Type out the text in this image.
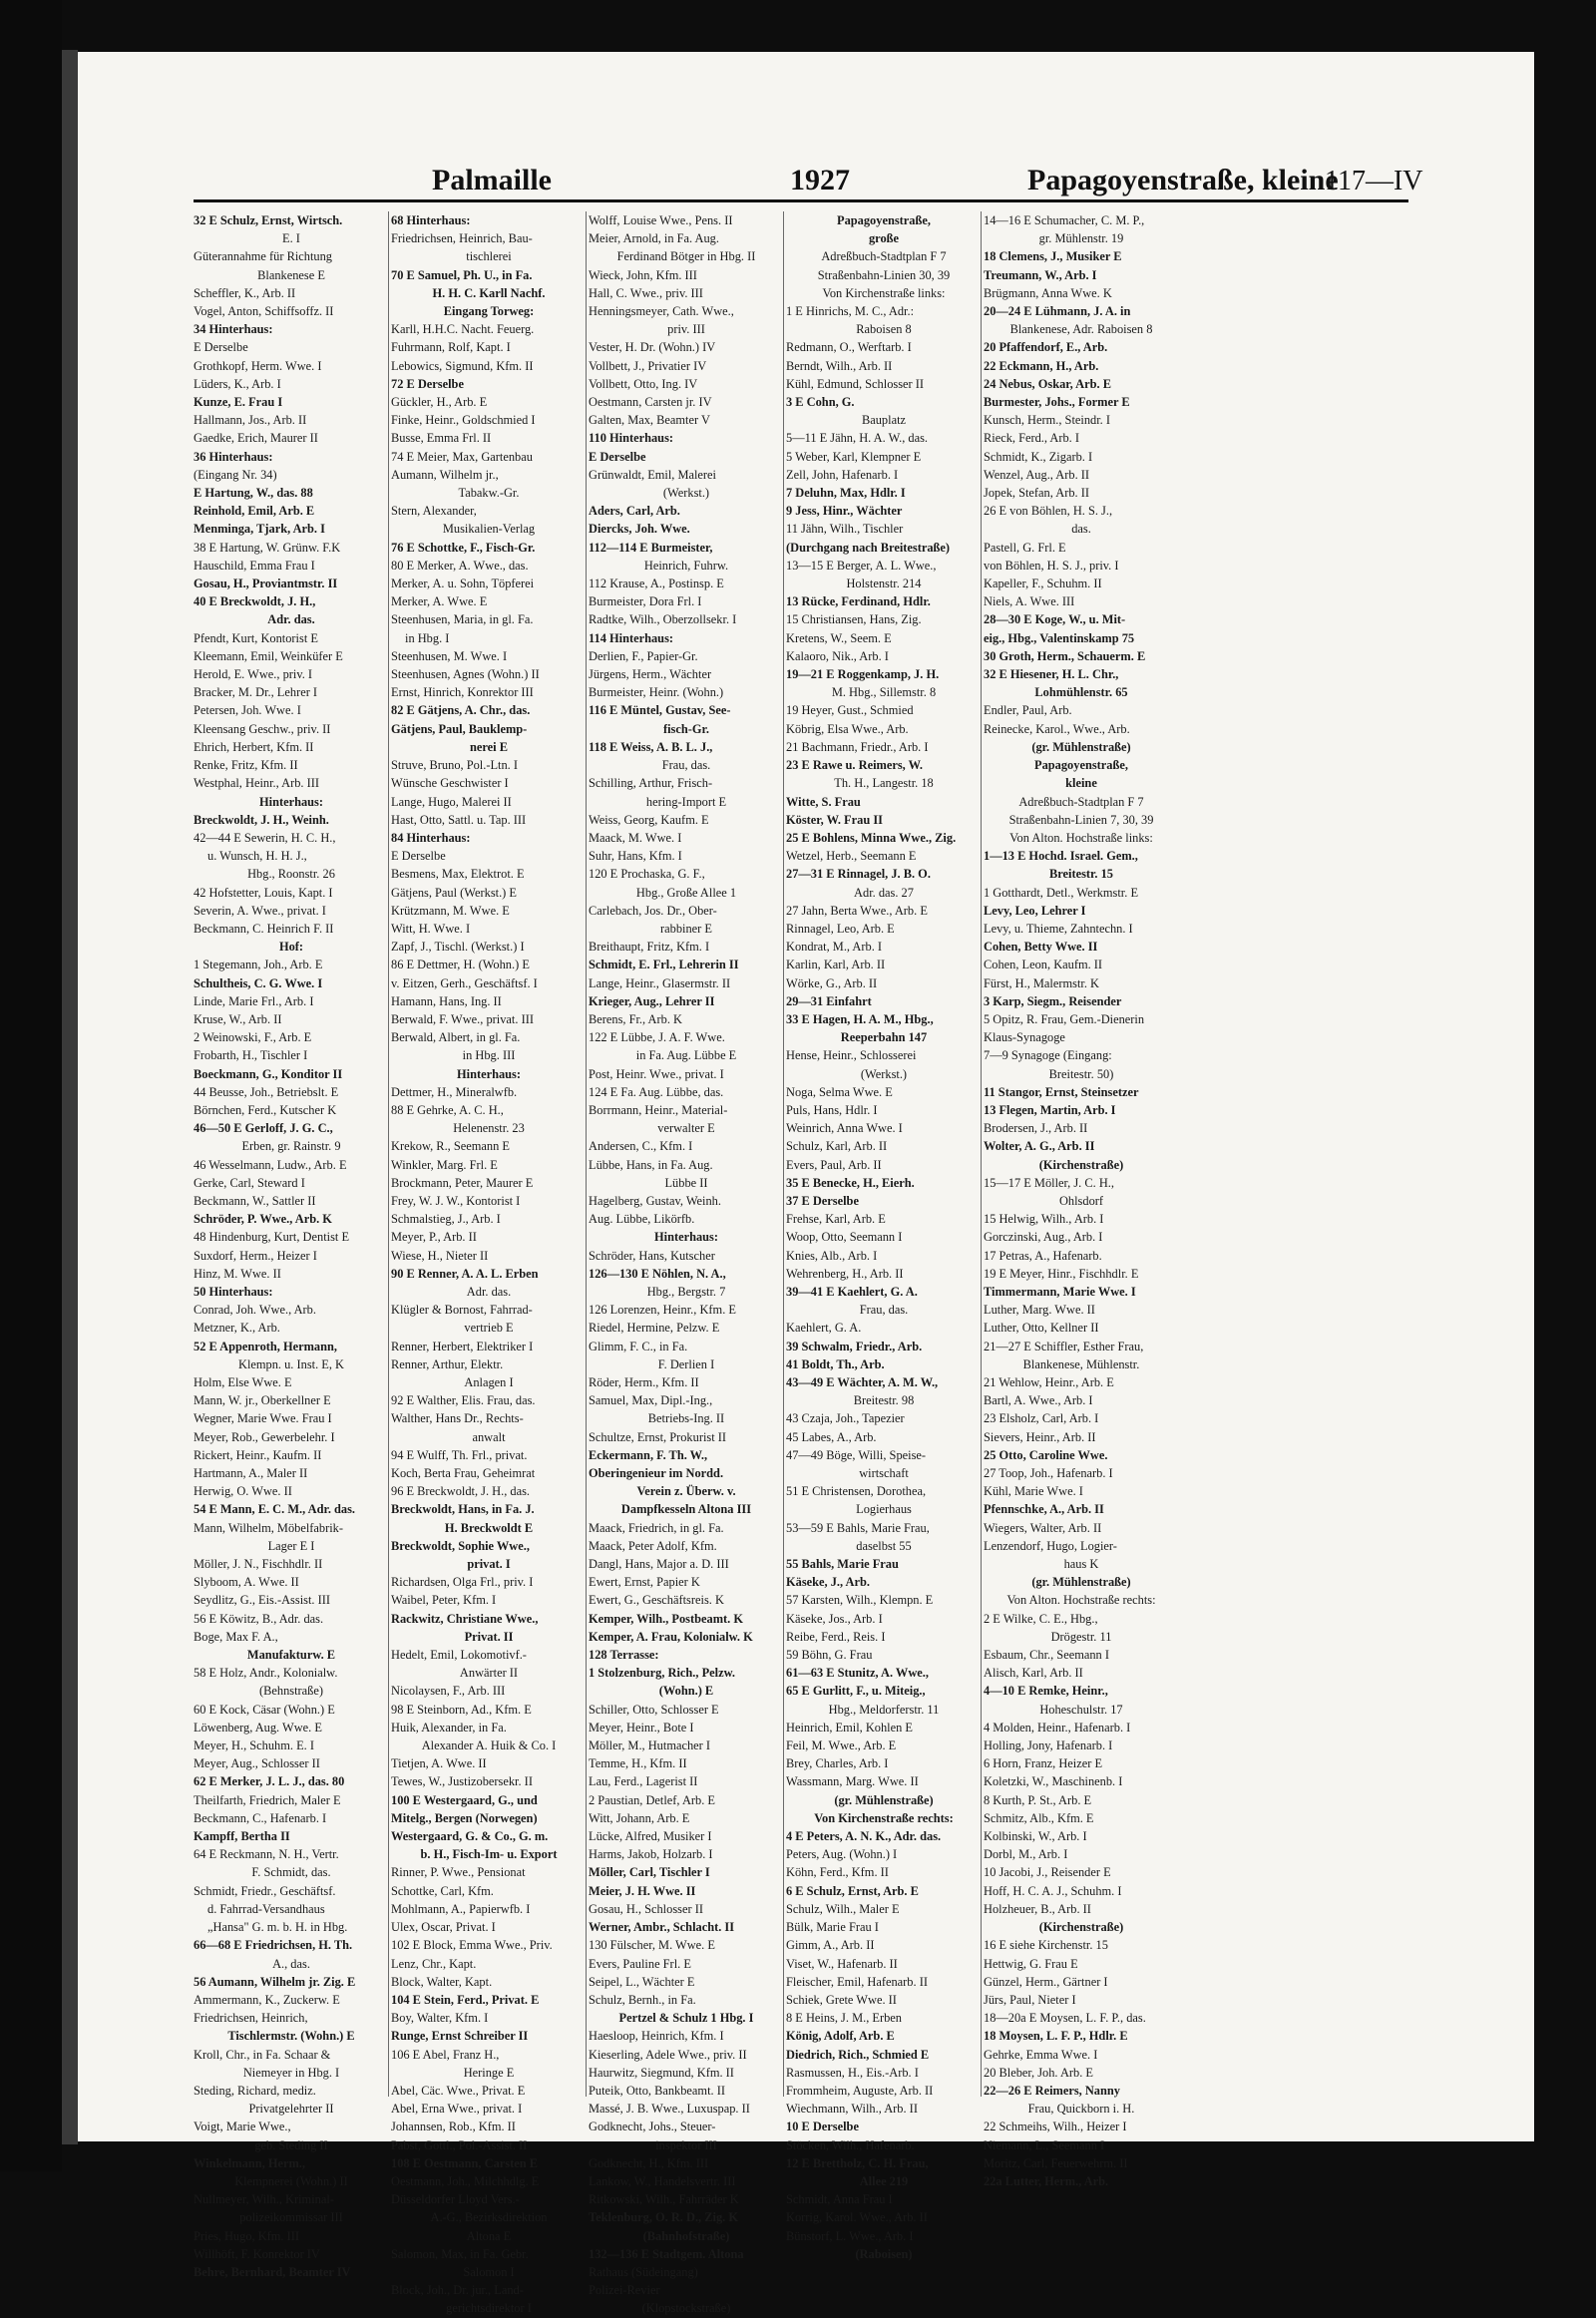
Palmaille	1927	Papagoyenstraße, kleine
117—IV
32 E Schulz, Ernst, Wirtsch.
E. I
Güterannahme für Richtung
Blankenese E
Scheffler, K., Arb. II
Vogel, Anton, Schiffsoffz. II
34 Hinterhaus:
E Derselbe
Grothkopf, Herm. Wwe. I
Lüders, K., Arb. I
Kunze, E. Frau I
Hallmann, Jos., Arb. II
Gaedke, Erich, Maurer II
36 Hinterhaus:
(Eingang Nr. 34)
E Hartung, W., das. 88
Reinhold, Emil, Arb. E
Menminga, Tjark, Arb. I
38 E Hartung, W. Grünw. F.K
Hauschild, Emma Frau I
Gosau, H., Proviantmstr. II
40 E Breckwoldt, J. H.,
Adr. das.
Pfendt, Kurt, Kontorist E
Kleemann, Emil, Weinküfer E
Herold, E. Wwe., priv. I
Bracker, M. Dr., Lehrer I
Petersen, Joh. Wwe. I
Kleensang Geschw., priv. II
Ehrich, Herbert, Kfm. II
Renke, Fritz, Kfm. II
Westphal, Heinr., Arb. III
Hinterhaus:
Breckwoldt, J. H., Weinh.
42—44 E Sewerin, H. C. H.,
u. Wunsch, H. H. J.,
Hbg., Roonstr. 26
42 Hofstetter, Louis, Kapt. I
Severin, A. Wwe., privat. I
Beckmann, C. Heinrich F. II
Hof:
1 Stegemann, Joh., Arb. E
Schultheis, C. G. Wwe. I
Linde, Marie Frl., Arb. I
Kruse, W., Arb. II
2 Weinowski, F., Arb. E
Frobarth, H., Tischler I
Boeckmann, G., Konditor II
44 Beusse, Joh., Betriebslt. E
Börnchen, Ferd., Kutscher K
46—50 E Gerloff, J. G. C.,
Erben, gr. Rainstr. 9
46 Wesselmann, Ludw., Arb. E
Gerke, Carl, Steward I
Beckmann, W., Sattler II
Schröder, P. Wwe., Arb. K
48 Hindenburg, Kurt, Dentist E
Suxdorf, Herm., Heizer I
Hinz, M. Wwe. II
50 Hinterhaus:
Conrad, Joh. Wwe., Arb.
Metzner, K., Arb.
52 E Appenroth, Hermann,
Klempn. u. Inst. E, K
Holm, Else Wwe. E
Mann, W. jr., Oberkellner E
Wegner, Marie Wwe. Frau I
Meyer, Rob., Gewerbelehr. I
Rickert, Heinr., Kaufm. II
Hartmann, A., Maler II
Herwig, O. Wwe. II
54 E Mann, E. C. M., Adr. das.
Mann, Wilhelm, Möbelfabrik-
Lager E I
Möller, J. N., Fischhdlr. II
Slyboom, A. Wwe. II
Seydlitz, G., Eis.-Assist. III
56 E Köwitz, B., Adr. das.
Boge, Max F. A.,
Manufakturw. E
58 E Holz, Andr., Kolonialw.
(Behnstraße)
60 E Kock, Cäsar (Wohn.) E
Löwenberg, Aug. Wwe. E
Meyer, H., Schuhm. E. I
Meyer, Aug., Schlosser II
62 E Merker, J. L. J., das. 80
Theilfarth, Friedrich, Maler E
Beckmann, C., Hafenarb. I
Kampff, Bertha II
64 E Reckmann, N. H., Vertr.
F. Schmidt, das.
Schmidt, Friedr., Geschäftsf.
d. Fahrrad-Versandhaus
„Hansa" G. m. b. H. in Hbg.
66—68 E Friedrichsen, H. Th.
A., das.
56 Aumann, Wilhelm jr. Zig. E
Ammermann, K., Zuckerw. E
Friedrichsen, Heinrich,
Tischlermstr. (Wohn.) E
Kroll, Chr., in Fa. Schaar &
Niemeyer in Hbg. I
Steding, Richard, mediz.
Privatgelehrter II
Voigt, Marie Wwe.,
geb. Steding II
Winkelmann, Herm.,
Klempnerei (Wohn.) II
Nullmeyer, Wilh., Kriminal-
polizeikommissar III
Pries, Hugo, Kfm. III
Willhöft, F. Konrektor IV
Behre, Bernhard, Beamter IV
68 Hinterhaus:
Friedrichsen, Heinrich, Bau-
tischlerei
70 E Samuel, Ph. U., in Fa.
H. H. C. Karll Nachf.
Eingang Torweg:
Karll, H.H.C. Nacht. Feuerg.
Fuhrmann, Rolf, Kapt. I
Lebowics, Sigmund, Kfm. II
72 E Derselbe
Gückler, H., Arb. E
Finke, Heinr., Goldschmied I
Busse, Emma Frl. II
74 E Meier, Max, Gartenbau
Aumann, Wilhelm jr.,
Tabakw.-Gr.
Stern, Alexander,
Musikalien-Verlag
76 E Schottke, F., Fisch-Gr.
80 E Merker, A. Wwe., das.
Merker, A. u. Sohn, Töpferei
Merker, A. Wwe. E
Steenhusen, Maria, in gl. Fa.
in Hbg. I
Steenhusen, M. Wwe. I
Steenhusen, Agnes (Wohn.) II
Ernst, Hinrich, Konrektor III
82 E Gätjens, A. Chr., das.
Gätjens, Paul, Bauklemp-
nerei E
Struve, Bruno, Pol.-Ltn. I
Wünsche Geschwister I
Lange, Hugo, Malerei II
Hast, Otto, Sattl. u. Tap. III
84 Hinterhaus:
E Derselbe
Besmens, Max, Elektrot. E
Gätjens, Paul (Werkst.) E
Krützmann, M. Wwe. E
Witt, H. Wwe. I
Zapf, J., Tischl. (Werkst.) I
86 E Dettmer, H. (Wohn.) E
v. Eitzen, Gerh., Geschäftsf. I
Hamann, Hans, Ing. II
Berwald, F. Wwe., privat. III
Berwald, Albert, in gl. Fa.
in Hbg. III
Hinterhaus:
Dettmer, H., Mineralwfb.
88 E Gehrke, A. C. H.,
Helenenstr. 23
Krekow, R., Seemann E
Winkler, Marg. Frl. E
Brockmann, Peter, Maurer E
Frey, W. J. W., Kontorist I
Schmalstieg, J., Arb. I
Meyer, P., Arb. II
Wiese, H., Nieter II
90 E Renner, A. A. L. Erben
Adr. das.
Klügler & Bornost, Fahrrad-
vertrieb E
Renner, Herbert, Elektriker I
Renner, Arthur, Elektr.
Anlagen I
92 E Walther, Elis. Frau, das.
Walther, Hans Dr., Rechts-
anwalt
94 E Wulff, Th. Frl., privat.
Koch, Berta Frau, Geheimrat
96 E Breckwoldt, J. H., das.
Breckwoldt, Hans, in Fa. J.
H. Breckwoldt E
Breckwoldt, Sophie Wwe.,
privat. I
Richardsen, Olga Frl., priv. I
Waibel, Peter, Kfm. I
Rackwitz, Christiane Wwe.,
Privat. II
Hedelt, Emil, Lokomotivf.-
Anwärter II
Nicolaysen, F., Arb. III
98 E Steinborn, Ad., Kfm. E
Huik, Alexander, in Fa.
Alexander A. Huik & Co. I
Tietjen, A. Wwe. II
Tewes, W., Justizobersekr. II
100 E Westergaard, G., und
Mitelg., Bergen (Norwegen)
Westergaard, G. & Co., G. m.
b. H., Fisch-Im- u. Export
Rinner, P. Wwe., Pensionat
Schottke, Carl, Kfm.
Mohlmann, A., Papierwfb. I
Ulex, Oscar, Privat. I
102 E Block, Emma Wwe., Priv.
Lenz, Chr., Kapt.
Block, Walter, Kapt.
104 E Stein, Ferd., Privat. E
Boy, Walter, Kfm. I
Runge, Ernst Schreiber II
106 E Abel, Franz H.,
Heringe E
Abel, Cäc. Wwe., Privat. E
Abel, Erna Wwe., privat. I
Johannsen, Rob., Kfm. II
Pabst, Gottl., Pol.-Assist. II
108 E Oestmann, Carsten E
Oestmann, Joh., Milchhdlg. E
Düsseldorfer Lloyd Vers.-
A.-G., Bezirksdirektion
Altona E
Salomon, Max, in Fa. Gebr.
Salomon I
Block, Joh., Dr. jur., Land-
gerichtsdirektor I
Wolff, Louise Wwe., Pens. II
Meier, Arnold, in Fa. Aug.
Ferdinand Bötger in Hbg. II
Wieck, John, Kfm. III
Hall, C. Wwe., priv. III
Henningsmeyer, Cath. Wwe.,
priv. III
Vester, H. Dr. (Wohn.) IV
Vollbett, J., Privatier IV
Vollbett, Otto, Ing. IV
Oestmann, Carsten jr. IV
Galten, Max, Beamter V
110 Hinterhaus:
E Derselbe
Grünwaldt, Emil, Malerei
(Werkst.)
Aders, Carl, Arb.
Diercks, Joh. Wwe.
112—114 E Burmeister,
Heinrich, Fuhrw.
112 Krause, A., Postinsp. E
Burmeister, Dora Frl. I
Radtke, Wilh., Oberzollsekr. I
114 Hinterhaus:
Derlien, F., Papier-Gr.
Jürgens, Herm., Wächter
Burmeister, Heinr. (Wohn.)
116 E Müntel, Gustav, See-
fisch-Gr.
118 E Weiss, A. B. L. J.,
Frau, das.
Schilling, Arthur, Frisch-
hering-Import E
Weiss, Georg, Kaufm. E
Maack, M. Wwe. I
Suhr, Hans, Kfm. I
120 E Prochaska, G. F.,
Hbg., Große Allee 1
Carlebach, Jos. Dr., Ober-
rabbiner E
Breithaupt, Fritz, Kfm. I
Schmidt, E. Frl., Lehrerin II
Lange, Heinr., Glasermstr. II
Krieger, Aug., Lehrer II
Berens, Fr., Arb. K
122 E Lübbe, J. A. F. Wwe.
in Fa. Aug. Lübbe E
Post, Heinr. Wwe., privat. I
124 E Fa. Aug. Lübbe, das.
Borrmann, Heinr., Material-
verwalter E
Andersen, C., Kfm. I
Lübbe, Hans, in Fa. Aug.
Lübbe II
Hagelberg, Gustav, Weinh.
Aug. Lübbe, Likörfb.
Hinterhaus:
Schröder, Hans, Kutscher
126—130 E Nöhlen, N. A.,
Hbg., Bergstr. 7
126 Lorenzen, Heinr., Kfm. E
Riedel, Hermine, Pelzw. E
Glimm, F. C., in Fa.
F. Derlien I
Röder, Herm., Kfm. II
Samuel, Max, Dipl.-Ing.,
Betriebs-Ing. II
Schultze, Ernst, Prokurist II
Eckermann, F. Th. W.,
Oberingenieur im Nordd.
Verein z. Überw. v.
Dampfkesseln Altona III
Maack, Friedrich, in gl. Fa.
Maack, Peter Adolf, Kfm.
Dangl, Hans, Major a. D. III
Ewert, Ernst, Papier K
Ewert, G., Geschäftsreis. K
Kemper, Wilh., Postbeamt. K
Kemper, A. Frau, Kolonialw. K
128 Terrasse:
1 Stolzenburg, Rich., Pelzw.
(Wohn.) E
Schiller, Otto, Schlosser E
Meyer, Heinr., Bote I
Möller, M., Hutmacher I
Temme, H., Kfm. II
Lau, Ferd., Lagerist II
2 Paustian, Detlef, Arb. E
Witt, Johann, Arb. E
Lücke, Alfred, Musiker I
Harms, Jakob, Holzarb. I
Möller, Carl, Tischler I
Meier, J. H. Wwe. II
Gosau, H., Schlosser II
Werner, Ambr., Schlacht. II
130 Fülscher, M. Wwe. E
Evers, Pauline Frl. E
Seipel, L., Wächter E
Schulz, Bernh., in Fa.
Pertzel & Schulz 1 Hbg. I
Haesloop, Heinrich, Kfm. I
Kieserling, Adele Wwe., priv. II
Haurwitz, Siegmund, Kfm. II
Puteik, Otto, Bankbeamt. II
Massé, J. B. Wwe., Luxuspap. II
Godknecht, Johs., Steuer-
inspektor III
Godknecht, H., Kfm. III
Lankow, W., Handelsvertr. III
Ritkowski, Wilh., Fahrräder K
Teklenburg, O. R. D., Zig. K
(Bahnhofstraße)
132—136 E Stadtgem. Altona
Rathaus (Südeingang)
Polizei-Revier
(Klopstockstraße)
Papagoyenstraße,
große
Adreßbuch-Stadtplan F 7
Straßenbahn-Linien 30, 39
Von Kirchenstraße links:
1 E Hinrichs, M. C., Adr.:
Raboisen 8
Redmann, O., Werftarb. I
Berndt, Wilh., Arb. II
Kühl, Edmund, Schlosser II
3 E Cohn, G.
Bauplatz
5—11 E Jähn, H. A. W., das.
5 Weber, Karl, Klempner E
Zell, John, Hafenarb. I
7 Deluhn, Max, Hdlr. I
9 Jess, Hinr., Wächter
11 Jähn, Wilh., Tischler
(Durchgang nach Breitestraße)
13—15 E Berger, A. L. Wwe.,
Holstenstr. 214
13 Rücke, Ferdinand, Hdlr.
15 Christiansen, Hans, Zig.
Kretens, W., Seem. E
Kalaoro, Nik., Arb. I
19—21 E Roggenkamp, J. H.
M. Hbg., Sillemstr. 8
19 Heyer, Gust., Schmied
Köbrig, Elsa Wwe., Arb.
21 Bachmann, Friedr., Arb. I
23 E Rawe u. Reimers, W.
Th. H., Langestr. 18
Witte, S. Frau
Köster, W. Frau II
25 E Bohlens, Minna Wwe., Zig.
Wetzel, Herb., Seemann E
27—31 E Rinnagel, J. B. O.
Adr. das. 27
27 Jahn, Berta Wwe., Arb. E
Rinnagel, Leo, Arb. E
Kondrat, M., Arb. I
Karlin, Karl, Arb. II
Wörke, G., Arb. II
29—31 Einfahrt
33 E Hagen, H. A. M., Hbg.,
Reeperbahn 147
Hense, Heinr., Schlosserei
(Werkst.)
Noga, Selma Wwe. E
Puls, Hans, Hdlr. I
Weinrich, Anna Wwe. I
Schulz, Karl, Arb. II
Evers, Paul, Arb. II
35 E Benecke, H., Eierh.
37 E Derselbe
Frehse, Karl, Arb. E
Woop, Otto, Seemann I
Knies, Alb., Arb. I
Wehrenberg, H., Arb. II
39—41 E Kaehlert, G. A.
Frau, das.
Kaehlert, G. A.
39 Schwalm, Friedr., Arb.
41 Boldt, Th., Arb.
43—49 E Wächter, A. M. W.,
Breitestr. 98
43 Czaja, Joh., Tapezier
45 Labes, A., Arb.
47—49 Böge, Willi, Speise-
wirtschaft
51 E Christensen, Dorothea,
Logierhaus
53—59 E Bahls, Marie Frau,
daselbst 55
55 Bahls, Marie Frau
Käseke, J., Arb.
57 Karsten, Wilh., Klempn. E
Käseke, Jos., Arb. I
Reibe, Ferd., Reis. I
59 Böhn, G. Frau
61—63 E Stunitz, A. Wwe.,
65 E Gurlitt, F., u. Miteig.,
Hbg., Meldorferstr. 11
Heinrich, Emil, Kohlen E
Feil, M. Wwe., Arb. E
Brey, Charles, Arb. I
Wassmann, Marg. Wwe. II
(gr. Mühlenstraße)
Von Kirchenstraße rechts:
4 E Peters, A. N. K., Adr. das.
Peters, Aug. (Wohn.) I
Köhn, Ferd., Kfm. II
6 E Schulz, Ernst, Arb. E
Schulz, Wilh., Maler E
Bülk, Marie Frau I
Gimm, A., Arb. II
Viset, W., Hafenarb. II
Fleischer, Emil, Hafenarb. II
Schiek, Grete Wwe. II
8 E Heins, J. M., Erben
König, Adolf, Arb. E
Diedrich, Rich., Schmied E
Rasmussen, H., Eis.-Arb. I
Frommheim, Auguste, Arb. II
Wiechmann, Wilh., Arb. II
10 E Derselbe
Stöcken, Wilh., Hafenarb.
12 E Brettholz, C. H. Frau,
Allee 219
Schmidt, Anna Frau I
Korrig, Karol. Wwe., Arb. II
Bünstorf, L. Wwe., Arb. I
(Raboisen)
14—16 E Schumacher, C. M. P.,
gr. Mühlenstr. 19
18 Clemens, J., Musiker E
Treumann, W., Arb. I
Brügmann, Anna Wwe. K
20—24 E Lühmann, J. A. in
Blankenese, Adr. Raboisen 8
20 Pfaffendorf, E., Arb.
22 Eckmann, H., Arb.
24 Nebus, Oskar, Arb. E
Burmester, Johs., Former E
Kunsch, Herm., Steindr. I
Rieck, Ferd., Arb. I
Schmidt, K., Zigarb. I
Wenzel, Aug., Arb. II
Jopek, Stefan, Arb. II
26 E von Böhlen, H. S. J.,
das.
Pastell, G. Frl. E
von Böhlen, H. S. J., priv. I
Kapeller, F., Schuhm. II
Niels, A. Wwe. III
28—30 E Koge, W., u. Mit-
eig., Hbg., Valentinskamp 75
30 Groth, Herm., Schauerm. E
32 E Hiesener, H. L. Chr.,
Lohmühlenstr. 65
Endler, Paul, Arb.
Reinecke, Karol., Wwe., Arb.
(gr. Mühlenstraße)
Papagoyenstraße,
kleine
Adreßbuch-Stadtplan F 7
Straßenbahn-Linien 7, 30, 39
Von Alton. Hochstraße links:
1—13 E Hochd. Israel. Gem.,
Breitestr. 15
1 Gotthardt, Detl., Werkmstr. E
Levy, Leo, Lehrer I
Levy, u. Thieme, Zahntechn. I
Cohen, Betty Wwe. II
Cohen, Leon, Kaufm. II
Fürst, H., Malermstr. K
3 Karp, Siegm., Reisender
5 Opitz, R. Frau, Gem.-Dienerin
Klaus-Synagoge
7—9 Synagoge (Eingang:
Breitestr. 50)
11 Stangor, Ernst, Steinsetzer
13 Flegen, Martin, Arb. I
Brodersen, J., Arb. II
Wolter, A. G., Arb. II
(Kirchenstraße)
15—17 E Möller, J. C. H.,
Ohlsdorf
15 Helwig, Wilh., Arb. I
Gorczinski, Aug., Arb. I
17 Petras, A., Hafenarb.
19 E Meyer, Hinr., Fischhdlr. E
Timmermann, Marie Wwe. I
Luther, Marg. Wwe. II
Luther, Otto, Kellner II
21—27 E Schiffler, Esther Frau,
Blankenese, Mühlenstr.
21 Wehlow, Heinr., Arb. E
Bartl, A. Wwe., Arb. I
23 Elsholz, Carl, Arb. I
Sievers, Heinr., Arb. II
25 Otto, Caroline Wwe.
27 Toop, Joh., Hafenarb. I
Kühl, Marie Wwe. I
Pfennschke, A., Arb. II
Wiegers, Walter, Arb. II
Lenzendorf, Hugo, Logier-
haus K
(gr. Mühlenstraße)
Von Alton. Hochstraße rechts:
2 E Wilke, C. E., Hbg.,
Drögestr. 11
Esbaum, Chr., Seemann I
Alisch, Karl, Arb. II
4—10 E Remke, Heinr.,
Hoheschulstr. 17
4 Molden, Heinr., Hafenarb. I
Holling, Jony, Hafenarb. I
6 Horn, Franz, Heizer E
Koletzki, W., Maschinenb. I
8 Kurth, P. St., Arb. E
Schmitz, Alb., Kfm. E
Kolbinski, W., Arb. I
Dorbl, M., Arb. I
10 Jacobi, J., Reisender E
Hoff, H. C. A. J., Schuhm. I
Holzheuer, B., Arb. II
(Kirchenstraße)
16 E siehe Kirchenstr. 15
Hettwig, G. Frau E
Günzel, Herm., Gärtner I
Jürs, Paul, Nieter I
18—20a E Moysen, L. F. P., das.
18 Moysen, L. F. P., Hdlr. E
Gehrke, Emma Wwe. I
20 Bleber, Joh. Arb. E
22—26 E Reimers, Nanny
Frau, Quickborn i. H.
22 Schmeihs, Wilh., Heizer I
Niemann, L., Seemann I
Moritz, Carl, Feuerwehrm. II
22a Lutter, Herm., Arb.
